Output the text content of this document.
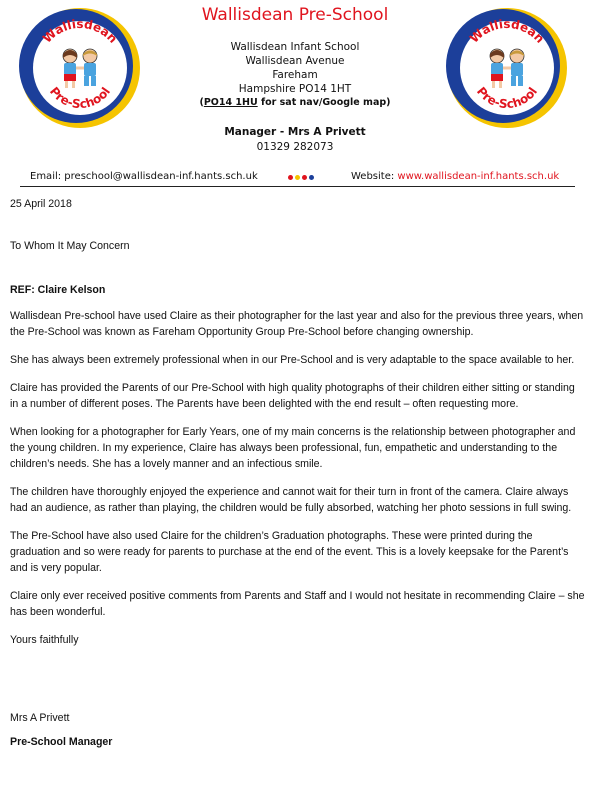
Wallisdean
Pre-School
Wallisdean Pre-School
Wallisdean Infant School
Wallisdean Avenue
Fareham
Hampshire PO14 1HT
(PO14 1HU for sat nav/Google map)
Manager - Mrs A Privett
01329 282073
Wallisdean
Pre-School
Email: preschool@wallisdean-inf.hants.sch.uk	Website: www.wallisdean-inf.hants.sch.uk

25 April 2018

To Whom It May Concern

REF: Claire Kelson

Wallisdean Pre-school have used Claire as their photographer for the last year and also for the previous three years, when the Pre-School was known as Fareham Opportunity Group Pre-School before changing ownership.

She has always been extremely professional when in our Pre-School and is very adaptable to the space available to her.

Claire has provided the Parents of our Pre-School with high quality photographs of their children either sitting or standing in a number of different poses. The Parents have been delighted with the end result – often requesting more.

When looking for a photographer for Early Years, one of my main concerns is the relationship between photographer and the young children. In my experience, Claire has always been professional, fun, empathetic and understanding to the children’s needs. She has a lovely manner and an infectious smile.

The children have thoroughly enjoyed the experience and cannot wait for their turn in front of the camera. Claire always had an audience, as rather than playing, the children would be fully absorbed, watching her photo sessions in full swing.

The Pre-School have also used Claire for the children’s Graduation photographs. These were printed during the graduation and so were ready for parents to purchase at the end of the event. This is a lovely keepsake for the Parent’s and is very popular.

Claire only ever received positive comments from Parents and Staff and I would not hesitate in recommending Claire – she has been wonderful.

Yours faithfully

Mrs A Privett

Pre-School Manager
